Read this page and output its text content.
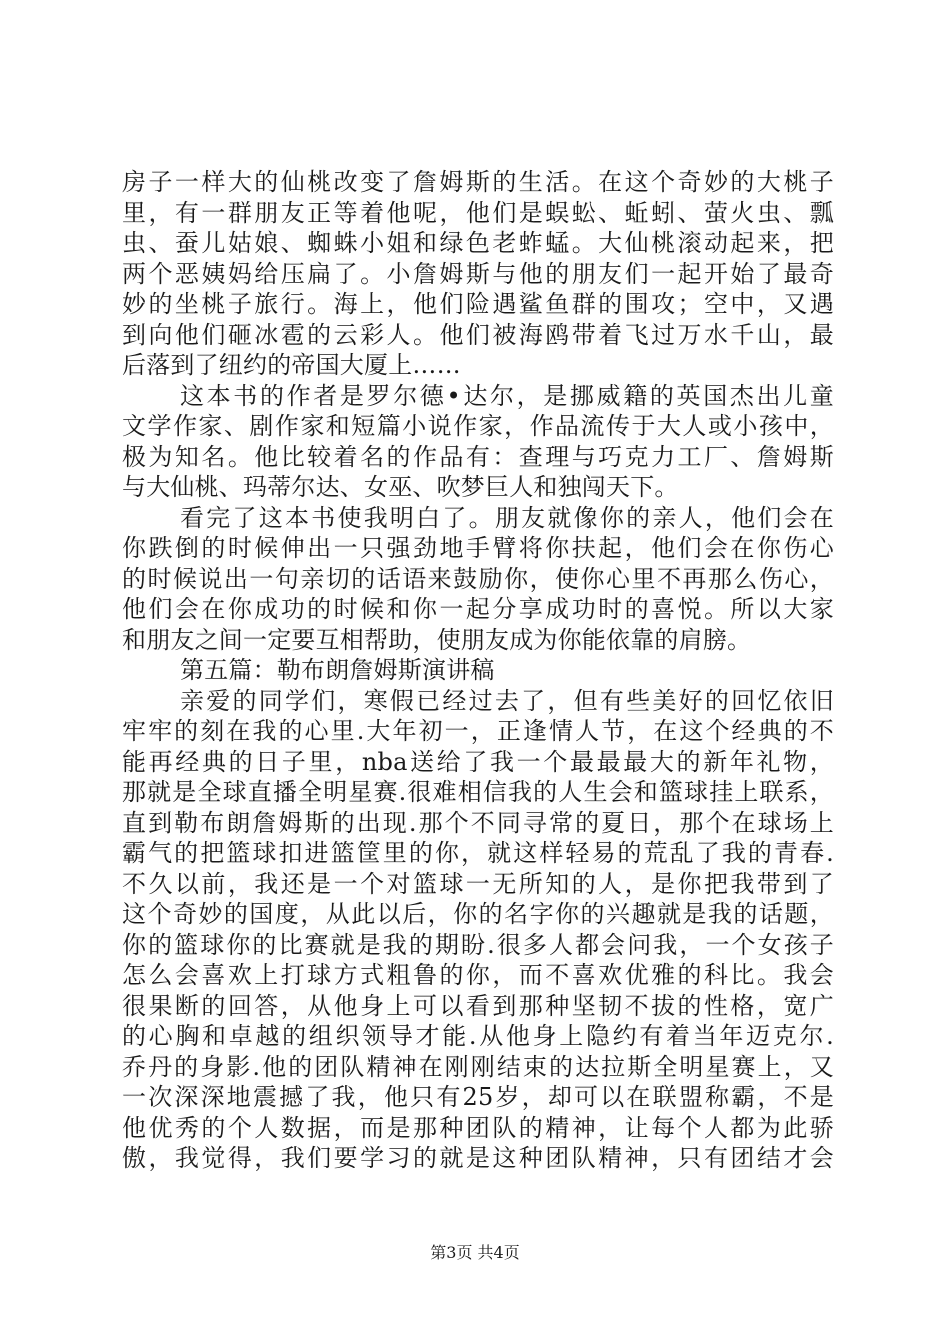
房子一样大的仙桃改变了詹姆斯的生活。在这个奇妙的大桃子
里，有一群朋友正等着他呢，他们是蜈蚣、蚯蚓、萤火虫、瓢
虫、蚕儿姑娘、蜘蛛小姐和绿色老蚱蜢。大仙桃滚动起来，把
两个恶姨妈给压扁了。小詹姆斯与他的朋友们一起开始了最奇
妙的坐桃子旅行。海上，他们险遇鲨鱼群的围攻；空中，又遇
到向他们砸冰雹的云彩人。他们被海鸥带着飞过万水千山，最
后落到了纽约的帝国大厦上……
这本书的作者是罗尔德•达尔，是挪威籍的英国杰出儿童
文学作家、剧作家和短篇小说作家，作品流传于大人或小孩中，
极为知名。他比较着名的作品有：查理与巧克力工厂、詹姆斯
与大仙桃、玛蒂尔达、女巫、吹梦巨人和独闯天下。
看完了这本书使我明白了。朋友就像你的亲人，他们会在
你跌倒的时候伸出一只强劲地手臂将你扶起，他们会在你伤心
的时候说出一句亲切的话语来鼓励你，使你心里不再那么伤心，
他们会在你成功的时候和你一起分享成功时的喜悦。所以大家
和朋友之间一定要互相帮助，使朋友成为你能依靠的肩膀。
第五篇：勒布朗詹姆斯演讲稿
亲爱的同学们，寒假已经过去了，但有些美好的回忆依旧
牢牢的刻在我的心里.大年初一，正逢情人节，在这个经典的不
能再经典的日子里，nba送给了我一个最最最大的新年礼物，
那就是全球直播全明星赛.很难相信我的人生会和篮球挂上联系，
直到勒布朗詹姆斯的出现.那个不同寻常的夏日，那个在球场上
霸气的把篮球扣进篮筐里的你，就这样轻易的荒乱了我的青春.
不久以前，我还是一个对篮球一无所知的人，是你把我带到了
这个奇妙的国度，从此以后，你的名字你的兴趣就是我的话题，
你的篮球你的比赛就是我的期盼.很多人都会问我，一个女孩子
怎么会喜欢上打球方式粗鲁的你，而不喜欢优雅的科比。我会
很果断的回答，从他身上可以看到那种坚韧不拔的性格，宽广
的心胸和卓越的组织领导才能.从他身上隐约有着当年迈克尔.
乔丹的身影.他的团队精神在刚刚结束的达拉斯全明星赛上，又
一次深深地震撼了我，他只有25岁，却可以在联盟称霸，不是
他优秀的个人数据，而是那种团队的精神，让每个人都为此骄
傲，我觉得，我们要学习的就是这种团队精神，只有团结才会
第3页 共4页
